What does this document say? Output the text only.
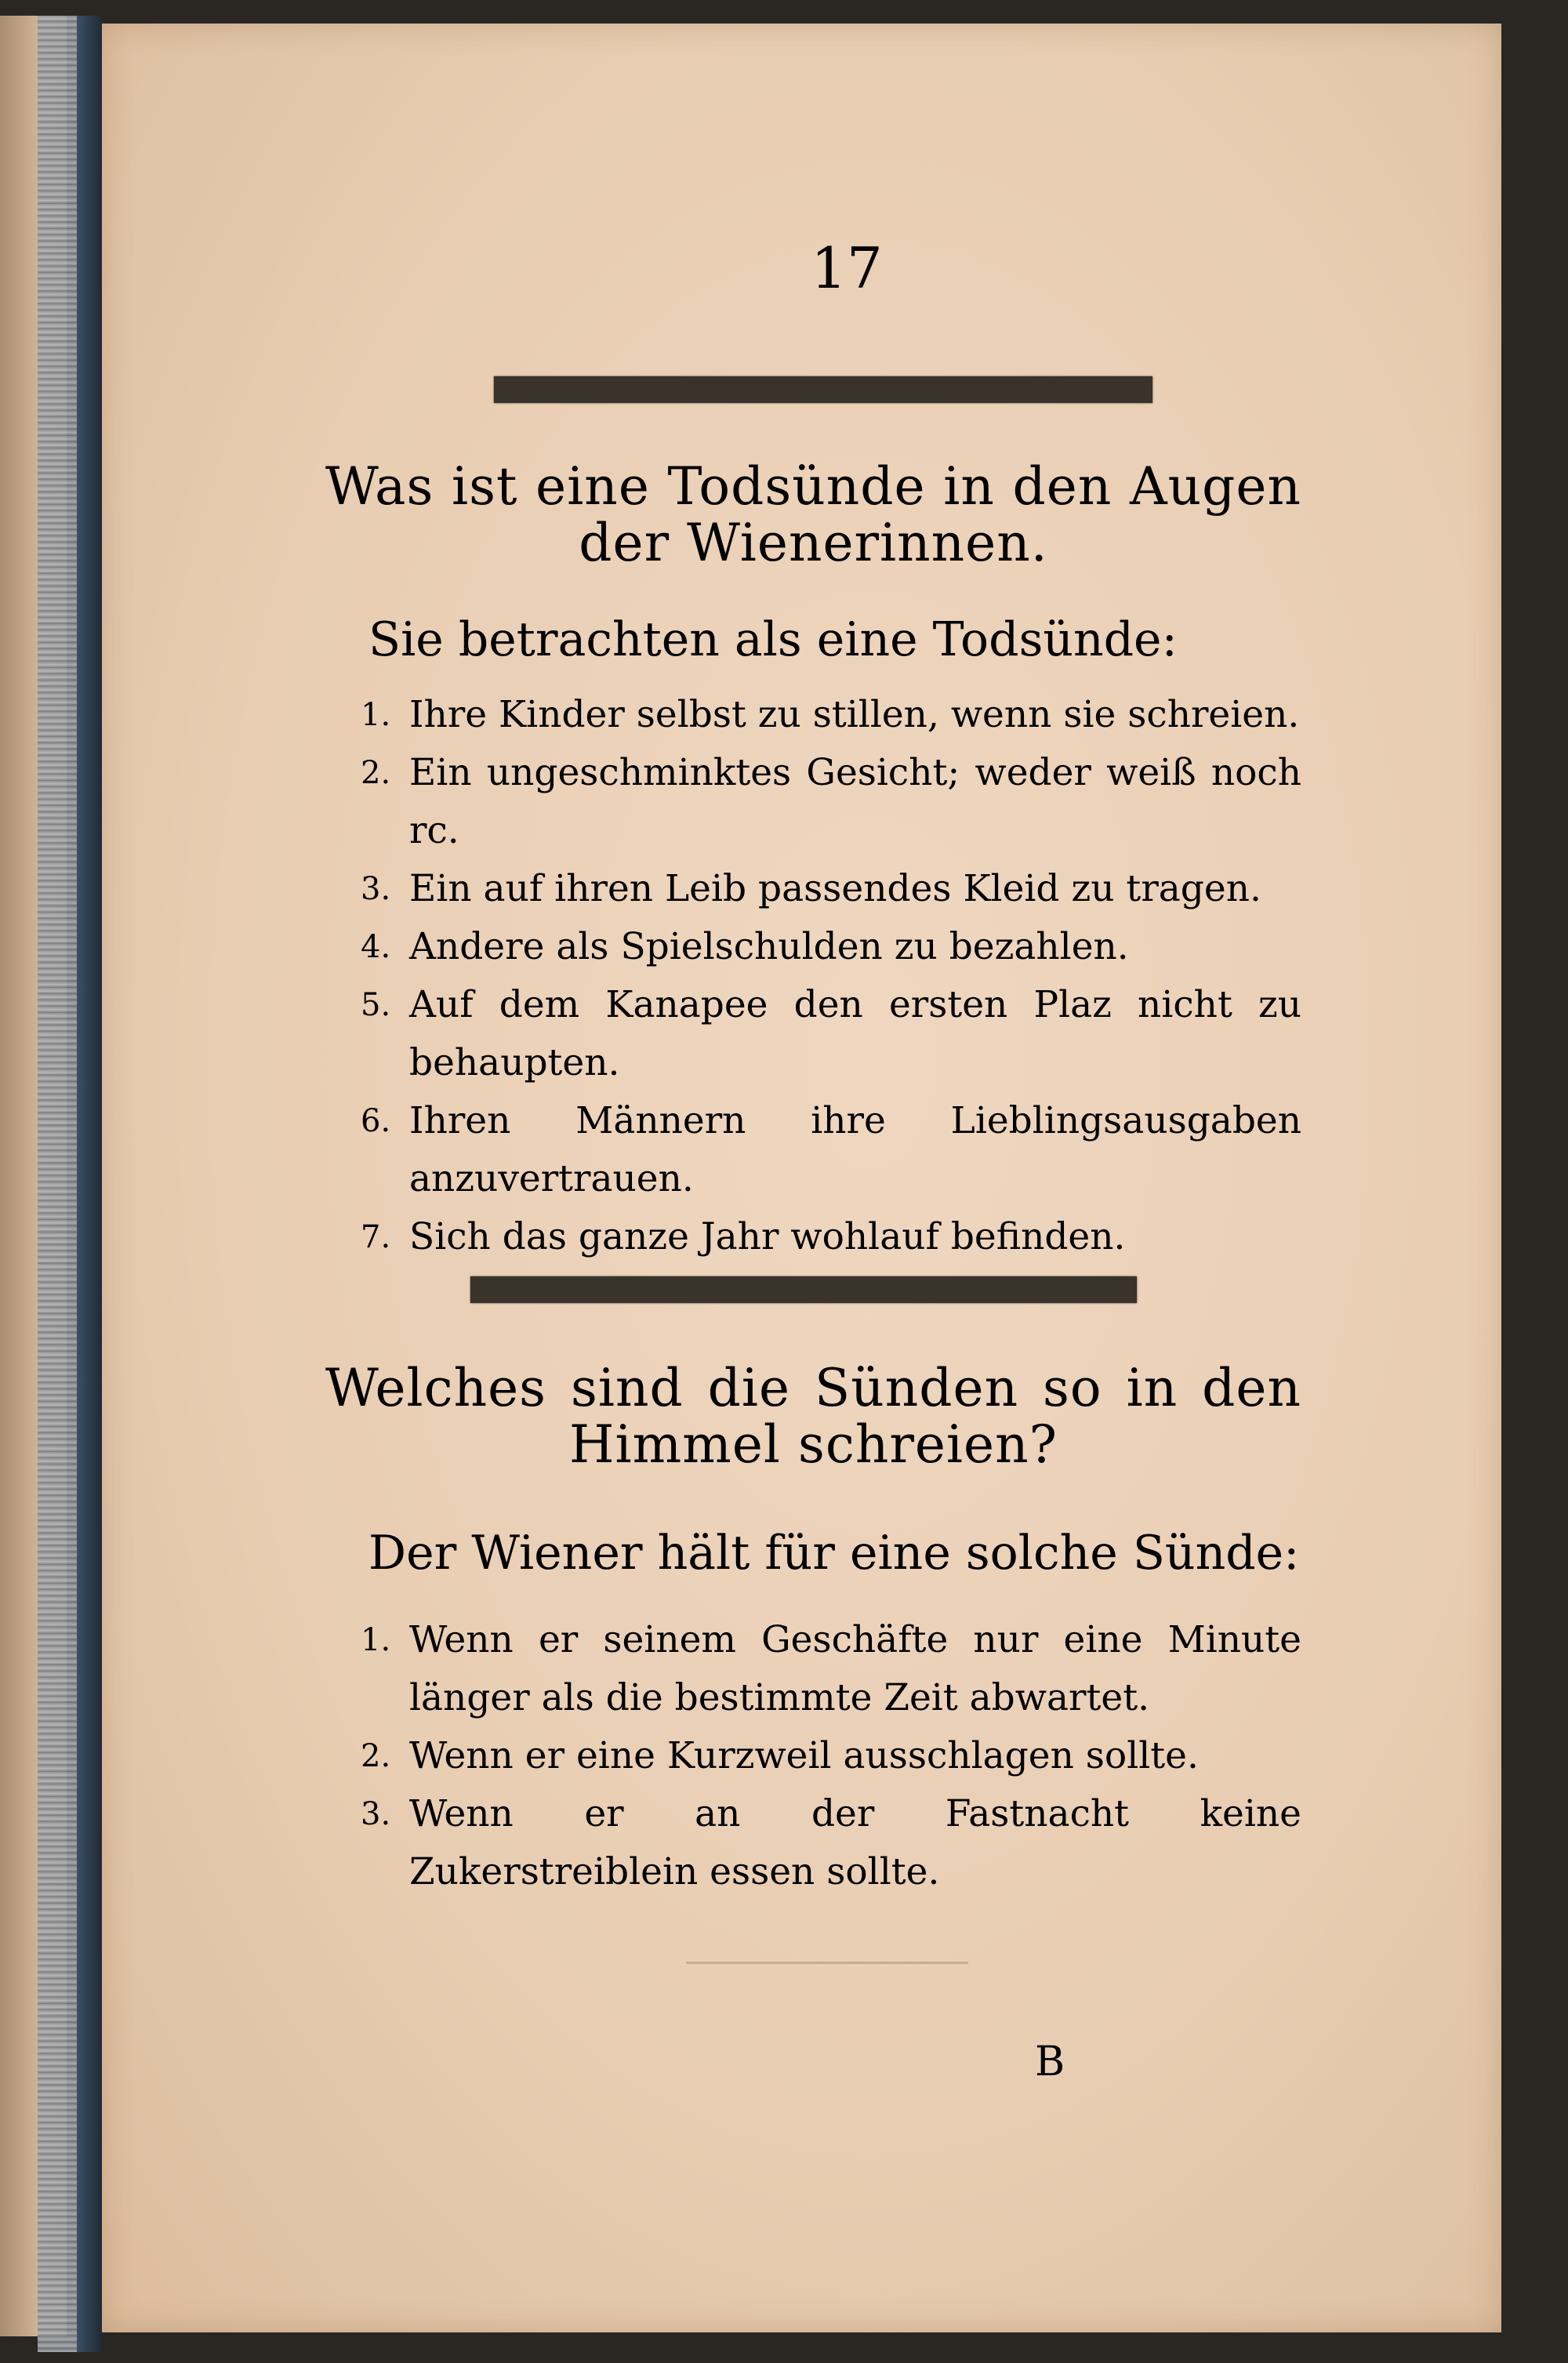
17
Was ist eine Todsünde in den Augen der Wienerinnen.
Sie betrachten als eine Todsünde:
1. Ihre Kinder selbst zu stillen, wenn sie schreien.
2. Ein ungeschminktes Gesicht; weder weiß noch rc.
3. Ein auf ihren Leib passendes Kleid zu tragen.
4. Andere als Spielschulden zu bezahlen.
5. Auf dem Kanapee den ersten Plaz nicht zu behaupten.
6. Ihren Männern ihre Lieblingsausgaben anzuvertrauen.
7. Sich das ganze Jahr wohlauf befinden.
Welches sind die Sünden so in den Himmel schreien?
Der Wiener hält für eine solche Sünde:
1. Wenn er seinem Geschäfte nur eine Minute länger als die bestimmte Zeit abwartet.
2. Wenn er eine Kurzweil ausschlagen sollte.
3. Wenn er an der Fastnacht keine Zukerstreiblein essen sollte.
B
